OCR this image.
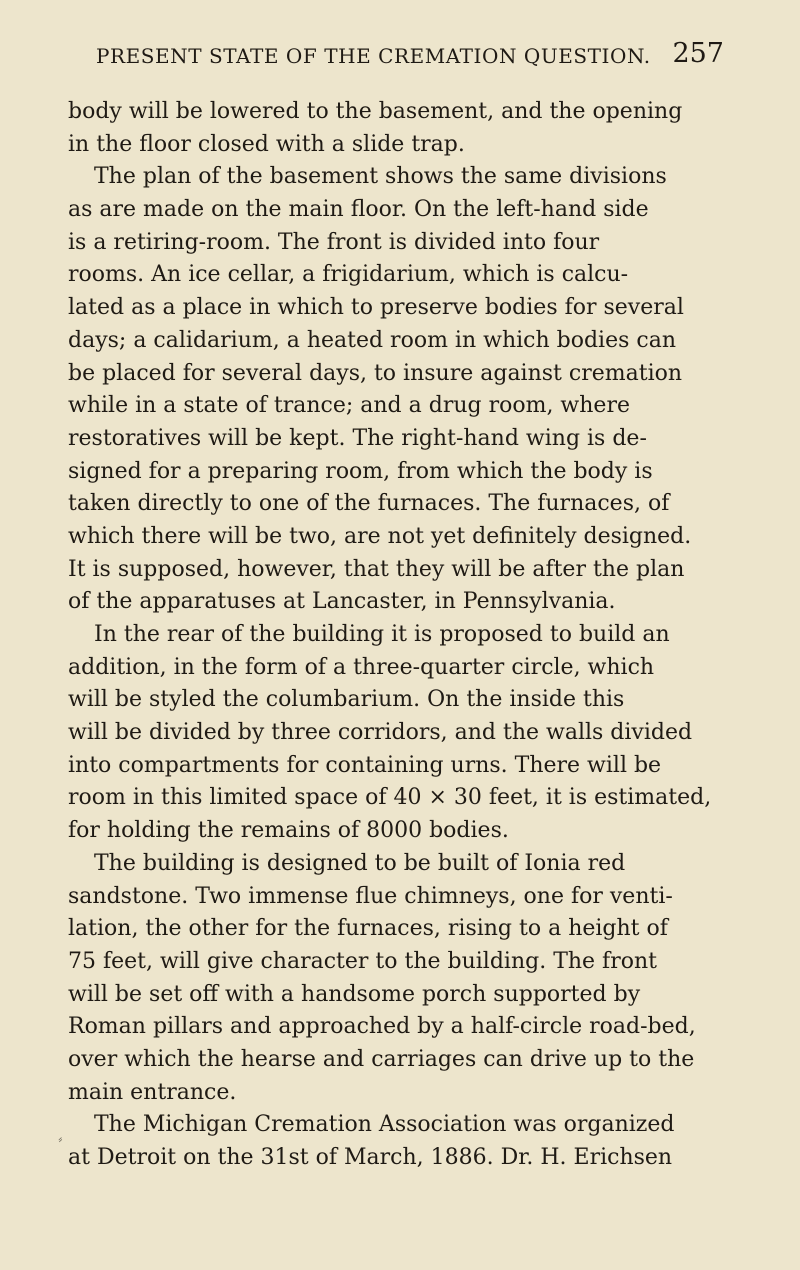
PRESENT STATE OF THE CREMATION QUESTION. 257
body will be lowered to the basement, and the opening
in the floor closed with a slide trap.
The plan of the basement shows the same divisions
as are made on the main floor. On the left-hand side
is a retiring-room. The front is divided into four
rooms. An ice cellar, a frigidarium, which is calcu-
lated as a place in which to preserve bodies for several
days; a calidarium, a heated room in which bodies can
be placed for several days, to insure against cremation
while in a state of trance; and a drug room, where
restoratives will be kept. The right-hand wing is de-
signed for a preparing room, from which the body is
taken directly to one of the furnaces. The furnaces, of
which there will be two, are not yet definitely designed.
It is supposed, however, that they will be after the plan
of the apparatuses at Lancaster, in Pennsylvania.
In the rear of the building it is proposed to build an
addition, in the form of a three-quarter circle, which
will be styled the columbarium. On the inside this
will be divided by three corridors, and the walls divided
into compartments for containing urns. There will be
room in this limited space of 40 × 30 feet, it is estimated,
for holding the remains of 8000 bodies.
The building is designed to be built of Ionia red
sandstone. Two immense flue chimneys, one for venti-
lation, the other for the furnaces, rising to a height of
75 feet, will give character to the building. The front
will be set off with a handsome porch supported by
Roman pillars and approached by a half-circle road-bed,
over which the hearse and carriages can drive up to the
main entrance.
The Michigan Cremation Association was organized
at Detroit on the 31st of March, 1886. Dr. H. Erichsen
⸗
